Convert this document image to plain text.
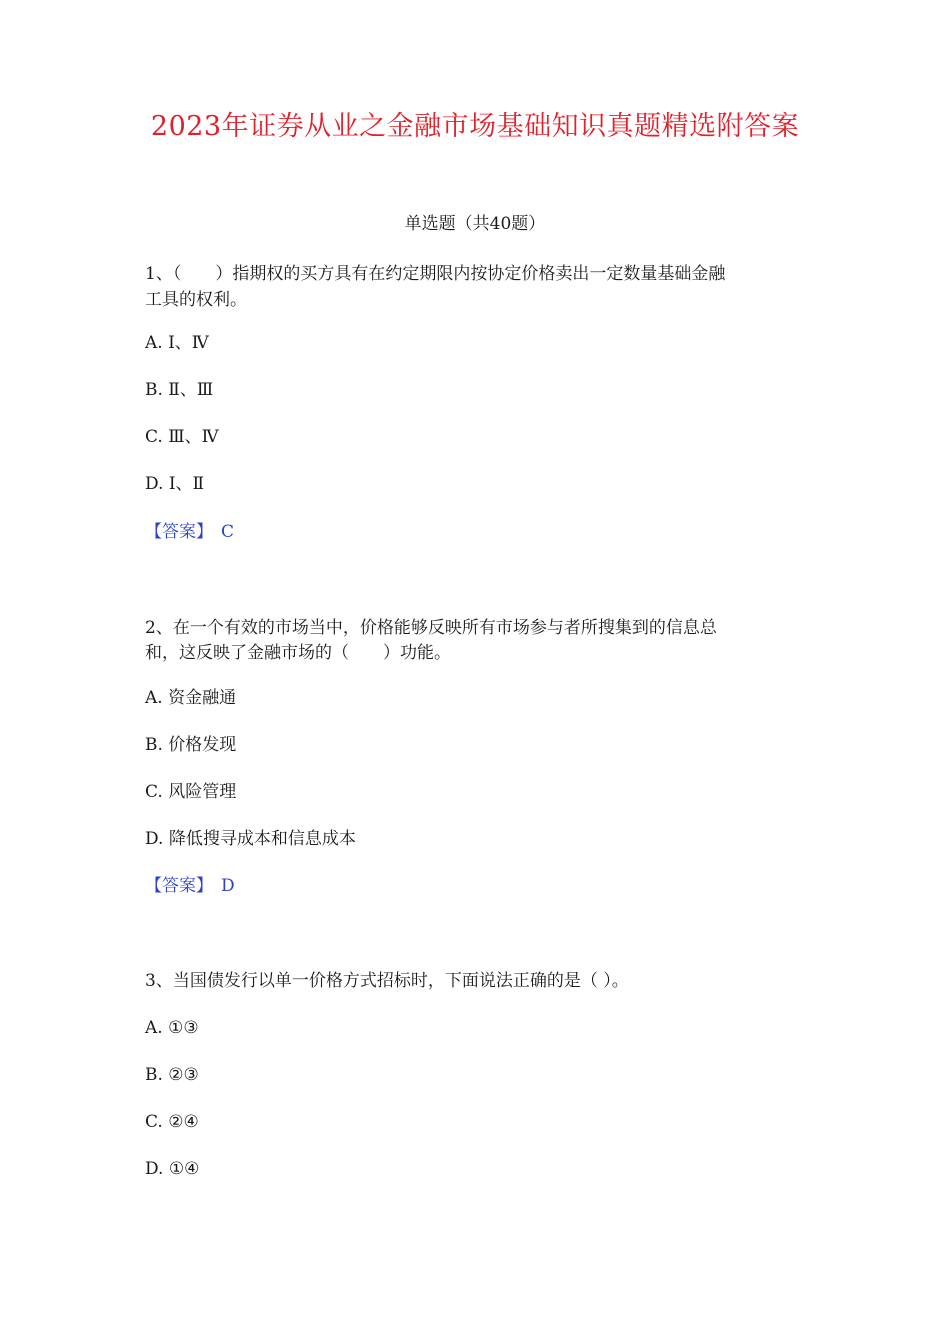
2023年证券从业之金融市场基础知识真题精选附答案
单选题（共40题）
1、（　　）指期权的买方具有在约定期限内按协定价格卖出一定数量基础金融
工具的权利。
A. Ⅰ、Ⅳ
B. Ⅱ、Ⅲ
C. Ⅲ、Ⅳ
D. Ⅰ、Ⅱ
【答案】 C
2、在一个有效的市场当中，价格能够反映所有市场参与者所搜集到的信息总
和，这反映了金融市场的（　　）功能。
A. 资金融通
B. 价格发现
C. 风险管理
D. 降低搜寻成本和信息成本
【答案】 D
3、当国债发行以单一价格方式招标时，下面说法正确的是（ ）。
A. ①③
B. ②③
C. ②④
D. ①④
